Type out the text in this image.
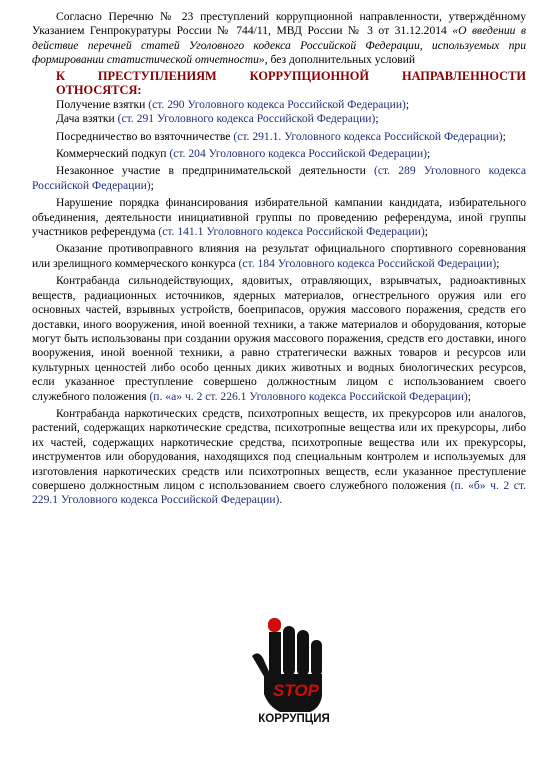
Согласно Перечню № 23 преступлений коррупционной направленности, утверждённому Указанием Генпрокуратуры России № 744/11, МВД России № 3 от 31.12.2014 «О введении в действие перечней статей Уголовного кодекса Российской Федерации, используемых при формировании статистической отчетности», без дополнительных условий

К ПРЕСТУПЛЕНИЯМ КОРРУПЦИОННОЙ НАПРАВЛЕННОСТИ

ОТНОСЯТСЯ:

Получение взятки (ст. 290 Уголовного кодекса Российской Федерации);

Дача взятки (ст. 291 Уголовного кодекса Российской Федерации);

Посредничество во взяточничестве (ст. 291.1. Уголовного кодекса Российской Федерации);

Коммерческий подкуп (ст. 204 Уголовного кодекса Российской Федерации);

Незаконное участие в предпринимательской деятельности (ст. 289 Уголовного кодекса Российской Федерации);

Нарушение порядка финансирования избирательной кампании кандидата, избирательного объединения, деятельности инициативной группы по проведению референдума, иной группы участников референдума (ст. 141.1 Уголовного кодекса Российской Федерации);

Оказание противоправного влияния на результат официального спортивного соревнования или зрелищного коммерческого конкурса (ст. 184 Уголовного кодекса Российской Федерации);

Контрабанда сильнодействующих, ядовитых, отравляющих, взрывчатых, радиоактивных веществ, радиационных источников, ядерных материалов, огнестрельного оружия или его основных частей, взрывных устройств, боеприпасов, оружия массового поражения, средств его доставки, иного вооружения, иной военной техники, а также материалов и оборудования, которые могут быть использованы при создании оружия массового поражения, средств его доставки, иного вооружения, иной военной техники, а равно стратегически важных товаров и ресурсов или культурных ценностей либо особо ценных диких животных и водных биологических ресурсов, если указанное преступление совершено должностным лицом с использованием своего служебного положения (п. «а» ч. 2 ст. 226.1 Уголовного кодекса Российской Федерации);

Контрабанда наркотических средств, психотропных веществ, их прекурсоров или аналогов, растений, содержащих наркотические средства, психотропные вещества или их прекурсоры, либо их частей, содержащих наркотические средства, психотропные вещества или их прекурсоры, инструментов или оборудования, находящихся под специальным контролем и используемых для изготовления наркотических средств или психотропных веществ, если указанное преступление совершено должностным лицом с использованием своего служебного положения (п. «б» ч. 2 ст. 229.1 Уголовного кодекса Российской Федерации).

STOP
КОРРУПЦИЯ
